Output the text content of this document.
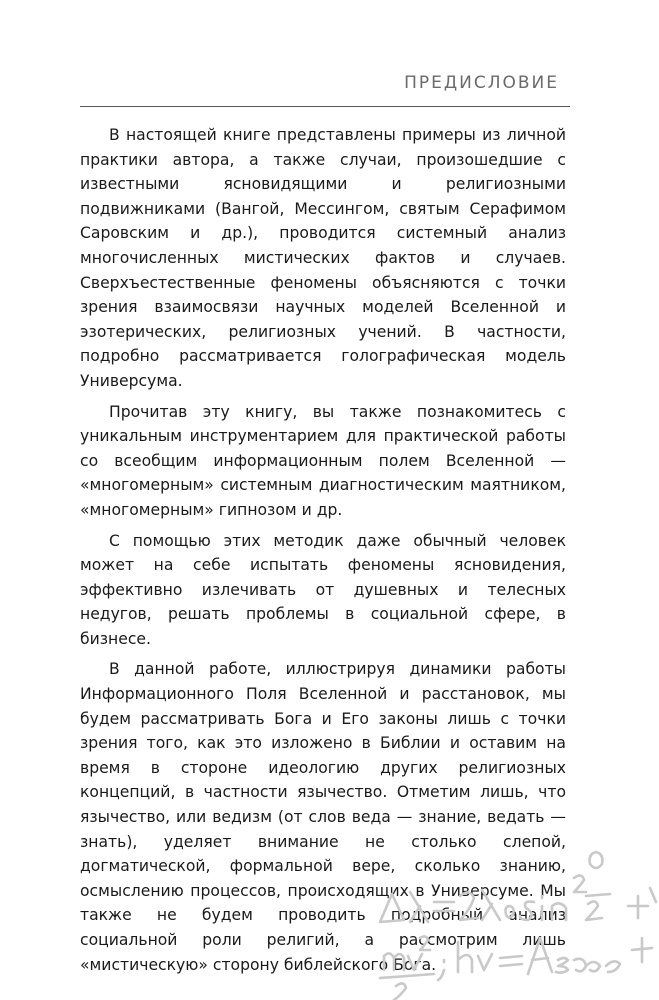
ПРЕДИСЛОВИЕ

В настоящей книге представлены примеры из личной практики автора, а также случаи, произошедшие с известными ясновидящими и религиозными подвижниками (Вангой, Мессингом, святым Серафимом Саровским и др.), проводится системный анализ многочисленных мистических фактов и случаев. Сверхъестественные феномены объясняются с точки зрения взаимосвязи научных моделей Вселенной и эзотерических, религиозных учений. В частности, подробно рассматривается голографическая модель Универсума.

Прочитав эту книгу, вы также познакомитесь с уникальным инструментарием для практической работы со всеобщим информационным полем Вселенной — «многомерным» системным диагностическим маятником, «многомерным» гипнозом и др.

С помощью этих методик даже обычный человек может на себе испытать феномены ясновидения, эффективно излечивать от душевных и телесных недугов, решать проблемы в социальной сфере, в бизнесе.

В данной работе, иллюстрируя динамики работы Информационного Поля Вселенной и расстановок, мы будем рассматривать Бога и Его законы лишь с точки зрения того, как это изложено в Библии и оставим на время в стороне идеологию других религиозных концепций, в частности язычество. Отметим лишь, что язычество, или ведизм (от слов веда — знание, ведать — знать), уделяет внимание не столько слепой, догматической, формальной вере, сколько знанию, осмыслению процессов, происходящих в Универсуме. Мы также не будем проводить подробный анализ социальной роли религий, а рассмотрим лишь «мистическую» сторону библейского Бога.
